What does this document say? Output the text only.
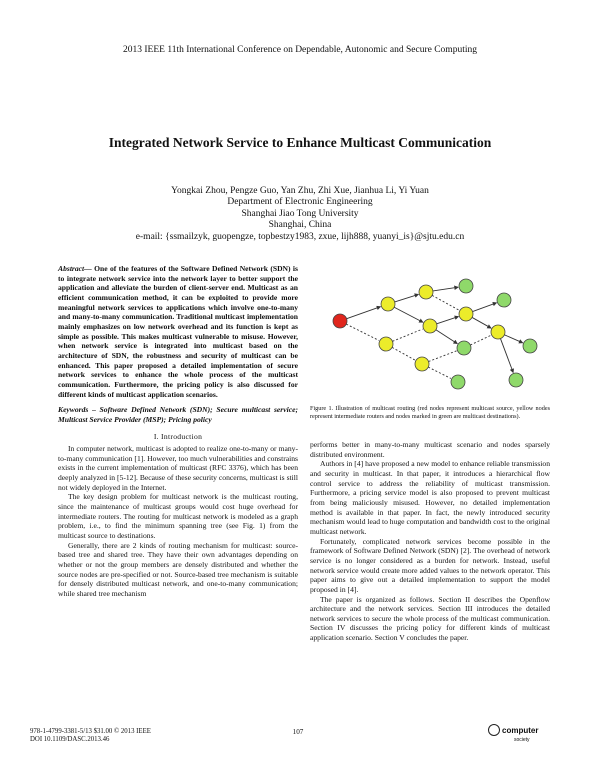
2013 IEEE 11th International Conference on Dependable, Autonomic and Secure Computing
Integrated Network Service to Enhance Multicast Communication
Yongkai Zhou, Pengze Guo, Yan Zhu, Zhi Xue, Jianhua Li, Yi Yuan
Department of Electronic Engineering
Shanghai Jiao Tong University
Shanghai, China
e-mail: {ssmailzyk, guopengze, topbestzy1983, zxue, lijh888, yuanyi_is}@sjtu.edu.cn
Abstract— One of the features of the Software Defined Network (SDN) is to integrate network service into the network layer to better support the application and alleviate the burden of client-server end. Multicast as an efficient communication method, it can be exploited to provide more meaningful network services to applications which involve one-to-many and many-to-many communication. Traditional multicast implementation mainly emphasizes on low network overhead and its function is kept as simple as possible. This makes multicast vulnerable to misuse. However, when network service is integrated into multicast based on the architecture of SDN, the robustness and security of multicast can be enhanced. This paper proposed a detailed implementation of secure network services to enhance the whole process of the multicast communication. Furthermore, the pricing policy is also discussed for different kinds of multicast application scenarios.
Keywords – Software Defined Network (SDN); Secure multicast service; Multicast Service Provider (MSP); Pricing policy
I. Introduction

In computer network, multicast is adopted to realize one-to-many or many-to-many communication [1]. However, too much vulnerabilities and constrains exists in the current implementation of multicast (RFC 3376), which has been deeply analyzed in [5-12]. Because of these security concerns, multicast is still not widely deployed in the Internet.

The key design problem for multicast network is the multicast routing, since the maintenance of multicast groups would cost huge overhead for intermediate routers. The routing for multicast network is modeled as a graph problem, i.e., to find the minimum spanning tree (see Fig. 1) from the multicast source to destinations.

Generally, there are 2 kinds of routing mechanism for multicast: source-based tree and shared tree. They have their own advantages depending on whether or not the group members are densely distributed and whether the source nodes are pre-specified or not. Source-based tree mechanism is suitable for densely distributed multicast network, and one-to-many communication; while shared tree mechanism

Figure 1. Illustration of multicast routing (red nodes represent multicast source, yellow nodes represent intermediate routers and nodes marked in green are multicast destinations).

performs better in many-to-many multicast scenario and nodes sparsely distributed environment.

Authors in [4] have proposed a new model to enhance reliable transmission and security in multicast. In that paper, it introduces a hierarchical flow control service to address the reliability of multicast transmission. Furthermore, a pricing service model is also proposed to prevent multicast from being maliciously misused. However, no detailed implementation method is available in that paper. In fact, the newly introduced security mechanism would lead to huge computation and bandwidth cost to the original multicast network.

Fortunately, complicated network services become possible in the framework of Software Defined Network (SDN) [2]. The overhead of network service is no longer considered as a burden for network. Instead, useful network service would create more added values to the network operator. This paper aims to give out a detailed implementation to support the model proposed in [4].

The paper is organized as follows. Section II describes the Openflow architecture and the network services. Section III introduces the detailed network services to secure the whole process of the multicast communication. Section IV discusses the pricing policy for different kinds of multicast application scenario. Section V concludes the paper.

978-1-4799-3381-5/13 $31.00 © 2013 IEEE
DOI 10.1109/DASC.2013.46
107	computer
society
